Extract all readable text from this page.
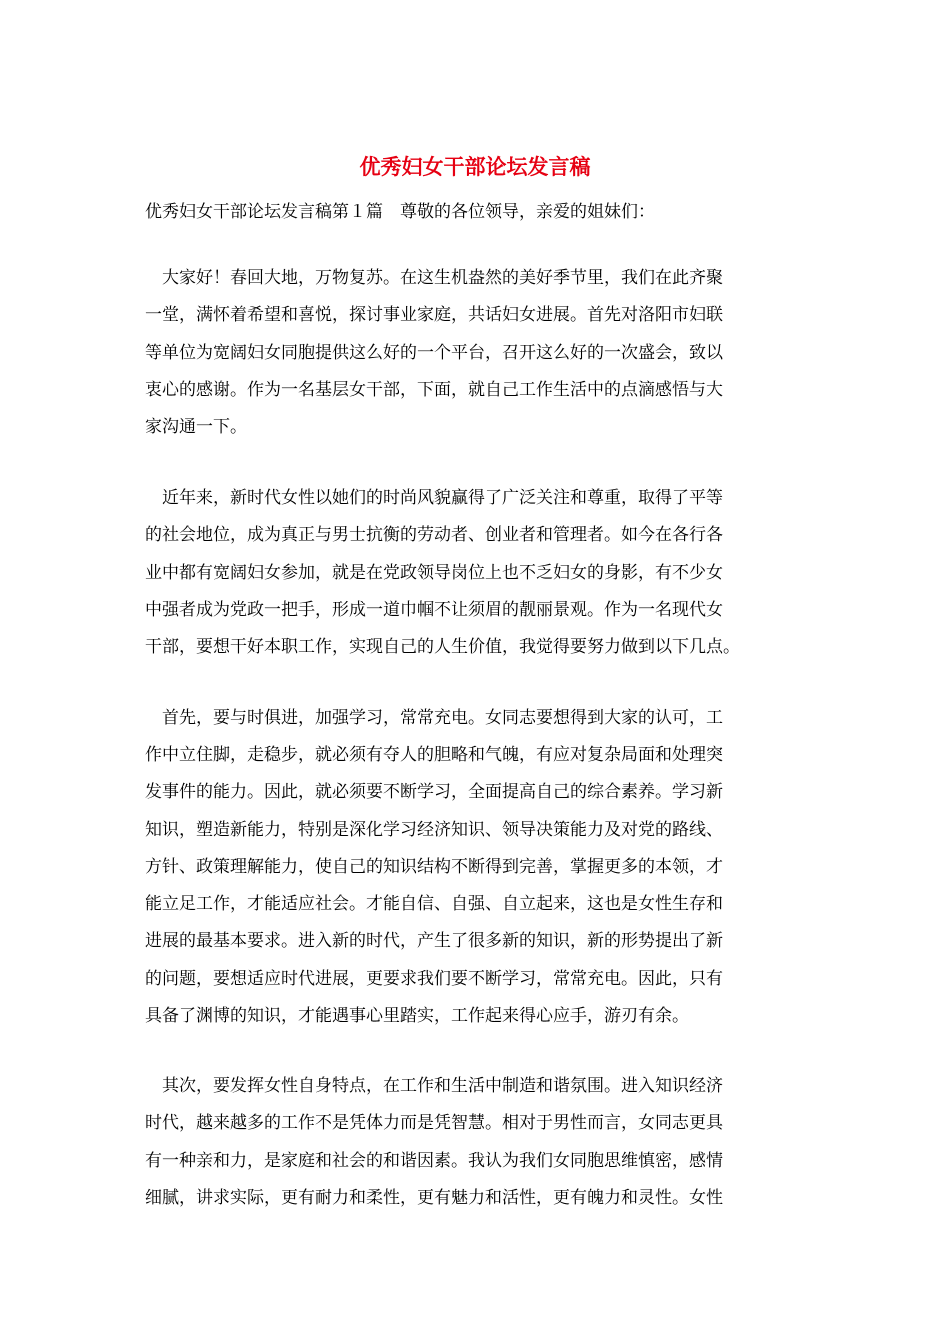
优秀妇女干部论坛发言稿
优秀妇女干部论坛发言稿第１篇　尊敬的各位领导，亲爱的姐妹们：
　大家好！春回大地，万物复苏。在这生机盎然的美好季节里，我们在此齐聚
一堂，满怀着希望和喜悦，探讨事业家庭，共话妇女进展。首先对洛阳市妇联
等单位为宽阔妇女同胞提供这么好的一个平台，召开这么好的一次盛会，致以
衷心的感谢。作为一名基层女干部，下面，就自己工作生活中的点滴感悟与大
家沟通一下。
　近年来，新时代女性以她们的时尚风貌赢得了广泛关注和尊重，取得了平等
的社会地位，成为真正与男士抗衡的劳动者、创业者和管理者。如今在各行各
业中都有宽阔妇女参加，就是在党政领导岗位上也不乏妇女的身影，有不少女
中强者成为党政一把手，形成一道巾帼不让须眉的靓丽景观。作为一名现代女
干部，要想干好本职工作，实现自己的人生价值，我觉得要努力做到以下几点。
　首先，要与时俱进，加强学习，常常充电。女同志要想得到大家的认可，工
作中立住脚，走稳步，就必须有夺人的胆略和气魄，有应对复杂局面和处理突
发事件的能力。因此，就必须要不断学习，全面提高自己的综合素养。学习新
知识，塑造新能力，特别是深化学习经济知识、领导决策能力及对党的路线、
方针、政策理解能力，使自己的知识结构不断得到完善，掌握更多的本领，才
能立足工作，才能适应社会。才能自信、自强、自立起来，这也是女性生存和
进展的最基本要求。进入新的时代，产生了很多新的知识，新的形势提出了新
的问题，要想适应时代进展，更要求我们要不断学习，常常充电。因此，只有
具备了渊博的知识，才能遇事心里踏实，工作起来得心应手，游刃有余。
　其次，要发挥女性自身特点，在工作和生活中制造和谐氛围。进入知识经济
时代，越来越多的工作不是凭体力而是凭智慧。相对于男性而言，女同志更具
有一种亲和力，是家庭和社会的和谐因素。我认为我们女同胞思维慎密，感情
细腻，讲求实际，更有耐力和柔性，更有魅力和活性，更有魄力和灵性。女性
